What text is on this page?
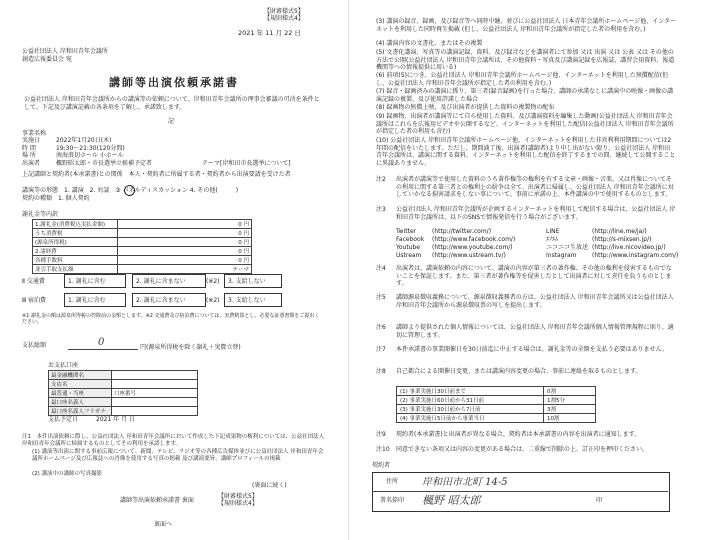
【財審様式5】
【規則様式4】
2021 年 11 月 22 日
公益社団法人 岸和田青年会議所
創造広報委員会 宛
講師等出演依頼承諾書
公益社団法人 岸和田青年会議所からの講演等の依頼について、岸和田青年会議所の理事会審議の可決を条件として、下記及び講演記載の各条項を了解し、承諾致します。
記
事業名称
実施日	2022年1月20日(木)
時 間	19:30～21:30(120分間)
場 所	南海浪切ホール 小ホール
出演者	楓野昭太郎・市長選挙立候補予定者	テーマ[岸和田市長選挙について]
上記講師と契約者(本承諾書)との関係　本人・契約者に所属する者・契約者から出演要請を受けた者
講演等の形態　1. 講演　2. 対談　③ パネルディスカッション 4. その他(　　　)
契約の種類　1. 個人契約
謝礼金等内訳
1.謝礼金(消費税込実払金額)	0 円
うち消費税	0 円
(源泉所得税)	0 円
2.諸経費	0 円
各種手数料	0 円
並引手取支払額	テーマ
Ⅱ 交通費	1. 謝礼に含む	2. 謝礼に含まない	(※2) 3. 支給しない
Ⅲ 宿泊費	1. 謝礼に含む	2. 謝礼に含まない	(※2) 3. 支給しない
※1 謝礼金の額は源泉所得税の控除前の金額とします。※2 交通費及び宿泊費については、実費精算とし、必要な証憑書類をご提出ください。
支払総額	0	円(源泉所得税を除く謝礼＋実費立替)
お支払口座
最金融機関名	
支店名	
最普通・当座	口座番号
最口座名義人	
最口座名義人フリガナ	
支払予定日　　　2021 年 月 日
注1　本件出演依頼に際し、公益社団法人 岸和田青年会議所において作成した下記成果物の権利については、公益社団法人 岸和田青年会議所に帰属するものとしてその利用を承諾します。
(1) 講演等出演に関する事前広報について、新聞、テレビ、ラジオ等の各種広告媒体並びに公益社団法人 岸和田青年会議所ホームページ及び広報誌への肖像を使用する写真の掲載 及び講演要旨、講師プロフィールの掲載
(2) 講演中の講師の写真撮影
(裏面に続く)
講師等出演依頼承諾書 裏面
【財審様式5】
【規則様式4】
裏面へ
(3) 講演の録音、録画、及び録音等へ同時中継、並びに公益社団法人 日本青年会議所ホームページ他、インターネットを利用した同時再生掲載 (但し、公益社団法人 岸和田青年会議所が指定した者の利用を含む。)
(4) 講演内容の文書化、またはその複製
(5) 文書化講演、写真等の講演記録、資料、及び録音などを講演者にて参加 又は 出演 又は 公表 又は その他の方法で公開(公益社団法人 岸和田青年会議所は、その他資料・写真及び講演記録を広報誌、講習会用資料、報道機関等への情報提供に用いる)
(6) 前項(5)につき、公益社団法人 岸和田青年会議所ホームページ他、インターネットを利用した無償配信(但し、公益社団法人 岸和田青年会議所が指定した者の利用を含む。)
(7) 録音・録画済みの講演に係り、第三者(録音録画)を行った場合、講師の承諾なしに講演中の映像・画像の講演記録の複製、及び使用許諾した場合
(8) 録画物の無償上映、及び出演者が提供した資料の複製物の配布
(9) 録画物、出演者が講演等にて自ら使用した資料、及び講演資料を編集した動画(公益社団法人 岸和田青年会議所はこれらを広報用ビデオや公開するなど、インターネットを利用した配信(公益社団法人 岸和田青年会議所が指定した者の利用も含む)
(10) 公益社団法人 岸和田青年会議所ホームページ他、インターネットを利用した非営利利用期間については2年間の配信をいたします。ただし、期間満了後、出演者(講師者)より申し出がない限り、公益社団法人 岸和田青年会議所は、講演に関する資料、インターネットを利用した配信を終了するまでの間、継続して公開することに異議ありません。
注2 出演者が講演等で使用した資料のうち著作権等の権利を有する文章・画像・音楽、又は肖像についてその利用に関する第三者との権利上の紛争は全て、出演者に帰属し、公益社団法人 岸和田青年会議所に対していかなる損害請求をしない事について、事前に承諾の上、本件講演の中で使用するものとします。
注3 公益社団法人 岸和田青年会議所が企画するインターネットを利用して配信する場合は、公益社団法人 岸和田青年会議所は、以下のSNSで情報発信を行う場合がございます。
Twitter	(http://twitter.com/)	LINE	(http://line.me/ja/)
Facebook (http://www.facebook.com/)	ｴﾌｴﾑ	(http://s-mixsen.jp/)
Youtube (http://www.youtube.com/)	ニコニコ生放送 (http://live.nicovideo.jp/)
Ustream (http://www.ustream.tv/)	Instagram	(http://www.instagram.com/)
注4 出演者は、講演依頼の内容について、講演の内容が第三者の著作権、その他の権利を侵害するものでないことを保証します。また、第三者が著作権等を侵害したとして出演者に対して責任を負うものとします。
注5 講師源泉徴収義務について、源泉徴収義務者の方は、公益社団法人 岸和田青年会議所又は公益社団法人 岸和田青年会議所から源泉徴収票の写しを提出します。
注6 講師より提供された個人情報については、公益社団法人 岸和田青年会議所個人情報管理規程に則り、適切に管理します。
注7 本件承諾書の事業開催日を30日前迄に中止する場合は、謝礼金等の全額を支払う必要はありません。
注8 自己都合による開催日変更、または講演内容変更の場合、事前に連絡を取るものとします。
(1) 事業実施日30日前まで	0割
(2) 事業実施日60日前から31日前	1割5分
(3) 事業実施日30日前から7日前	3割
(4) 事業実施日5日前から事業当日	10割
注9 契約者(本承諾書)と出演者が異なる場合、契約者は本承諾書の内容を出演者に通知します。
注10 同意できない条項又は内容の変更がある場合は、二重線で削除の上、訂正印を押印ください。
契約者
住所 岸和田市北町 14-5
署名捺印 楓野 昭太郎	印
